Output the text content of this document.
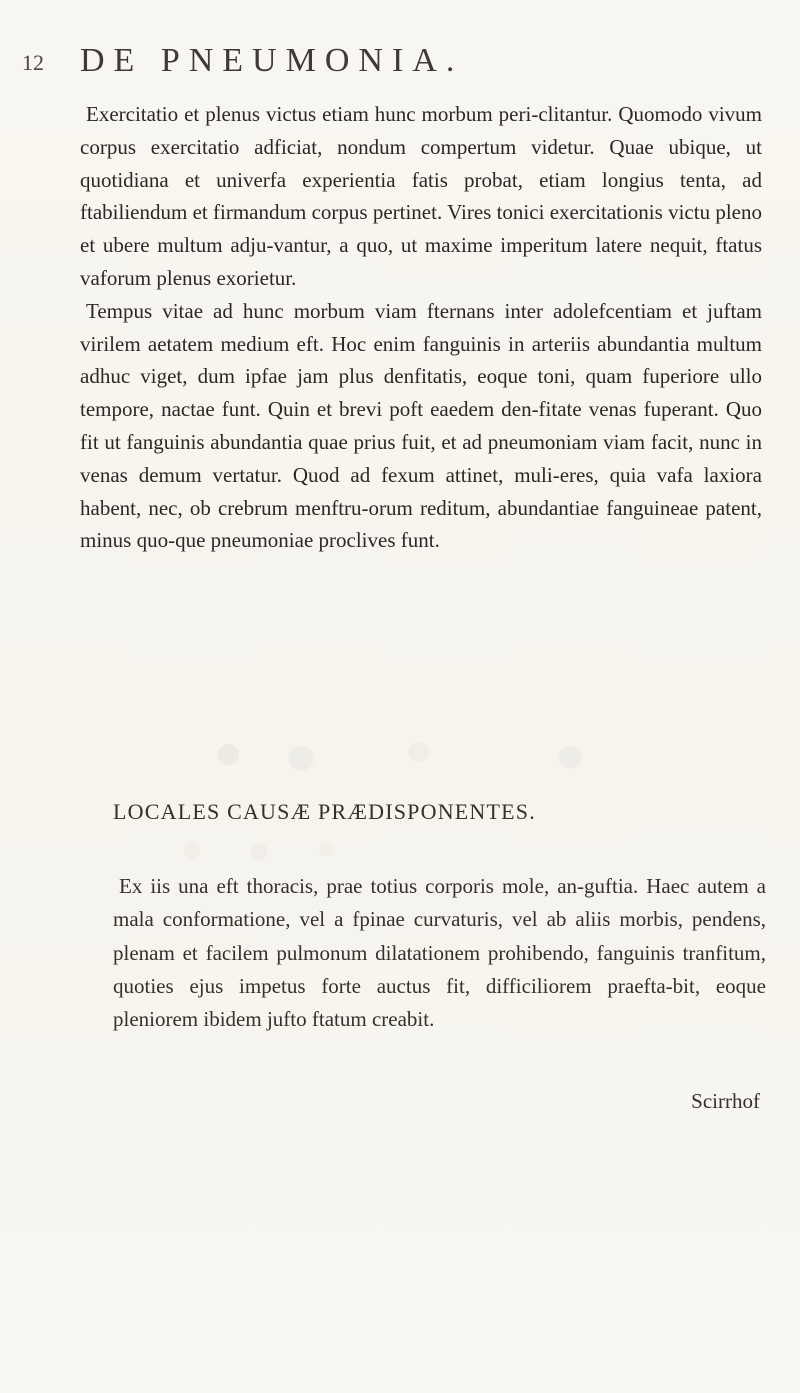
12 DE PNEUMONIA.

Exercitatio et plenus victus etiam hunc morbum peri-clitantur. Quomodo vivum corpus exercitatio adficiat, nondum compertum videtur. Quae ubique, ut quotidiana et univerfa experientia fatis probat, etiam longius tenta, ad ftabiliendum et firmandum corpus pertinet. Vires tonici exercitationis victu pleno et ubere multum adju-vantur, a quo, ut maxime imperitum latere nequit, ftatus vaforum plenus exorietur.

Tempus vitae ad hunc morbum viam fternans inter adolefcentiam et juftam virilem aetatem medium eft. Hoc enim fanguinis in arteriis abundantia multum adhuc viget, dum ipfae jam plus denfitatis, eoque toni, quam fuperiore ullo tempore, nactae funt. Quin et brevi poft eaedem den-fitate venas fuperant. Quo fit ut fanguinis abundantia quae prius fuit, et ad pneumoniam viam facit, nunc in venas demum vertatur. Quod ad fexum attinet, muli-eres, quia vafa laxiora habent, nec, ob crebrum menftru-orum reditum, abundantiae fanguineae patent, minus quo-que pneumoniae proclives funt.

LOCALES CAUSÆ PRÆDISPONENTES.

Ex iis una eft thoracis, prae totius corporis mole, an-guftia. Haec autem a mala conformatione, vel a fpinae curvaturis, vel ab aliis morbis, pendens, plenam et facilem pulmonum dilatationem prohibendo, fanguinis tranfitum, quoties ejus impetus forte auctus fit, difficiliorem praefta-bit, eoque pleniorem ibidem jufto ftatum creabit.

Scirrhof
